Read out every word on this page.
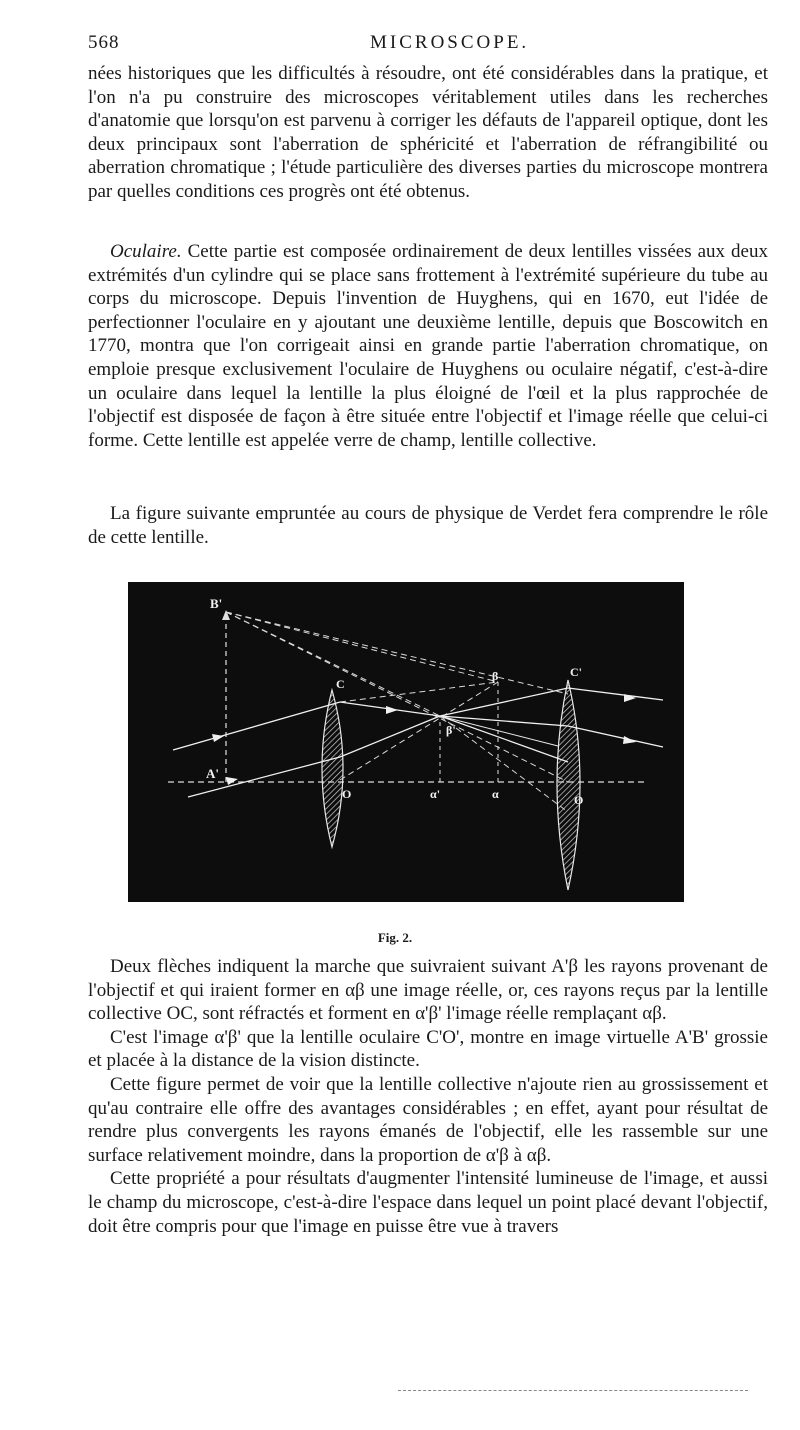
568	MICROSCOPE.

nées historiques que les difficultés à résoudre, ont été considérables dans la pratique, et l'on n'a pu construire des microscopes véritablement utiles dans les recherches d'anatomie que lorsqu'on est parvenu à corriger les défauts de l'appareil optique, dont les deux principaux sont l'aberration de sphéricité et l'aberration de réfrangibilité ou aberration chromatique ; l'étude particulière des diverses parties du microscope montrera par quelles conditions ces progrès ont été obtenus.

Oculaire. Cette partie est composée ordinairement de deux lentilles vissées aux deux extrémités d'un cylindre qui se place sans frottement à l'extrémité supérieure du tube au corps du microscope. Depuis l'invention de Huyghens, qui en 1670, eut l'idée de perfectionner l'oculaire en y ajoutant une deuxième lentille, depuis que Boscowitch en 1770, montra que l'on corrigeait ainsi en grande partie l'aberration chromatique, on emploie presque exclusivement l'oculaire de Huyghens ou oculaire négatif, c'est-à-dire un oculaire dans lequel la lentille la plus éloigné de l'œil et la plus rapprochée de l'objectif est disposée de façon à être située entre l'objectif et l'image réelle que celui-ci forme. Cette lentille est appelée verre de champ, lentille collective.

La figure suivante empruntée au cours de physique de Verdet fera comprendre le rôle de cette lentille.

B'
A'
C
O
C'
O
β
β'
α'	α
Fig. 2.

Deux flèches indiquent la marche que suivraient suivant A'β les rayons provenant de l'objectif et qui iraient former en αβ une image réelle, or, ces rayons reçus par la lentille collective OC, sont réfractés et forment en α'β' l'image réelle remplaçant αβ.

C'est l'image α'β' que la lentille oculaire C'O', montre en image virtuelle A'B' grossie et placée à la distance de la vision distincte.

Cette figure permet de voir que la lentille collective n'ajoute rien au grossissement et qu'au contraire elle offre des avantages considérables ; en effet, ayant pour résultat de rendre plus convergents les rayons émanés de l'objectif, elle les rassemble sur une surface relativement moindre, dans la proportion de α'β à αβ.

Cette propriété a pour résultats d'augmenter l'intensité lumineuse de l'image, et aussi le champ du microscope, c'est-à-dire l'espace dans lequel un point placé devant l'objectif, doit être compris pour que l'image en puisse être vue à travers
